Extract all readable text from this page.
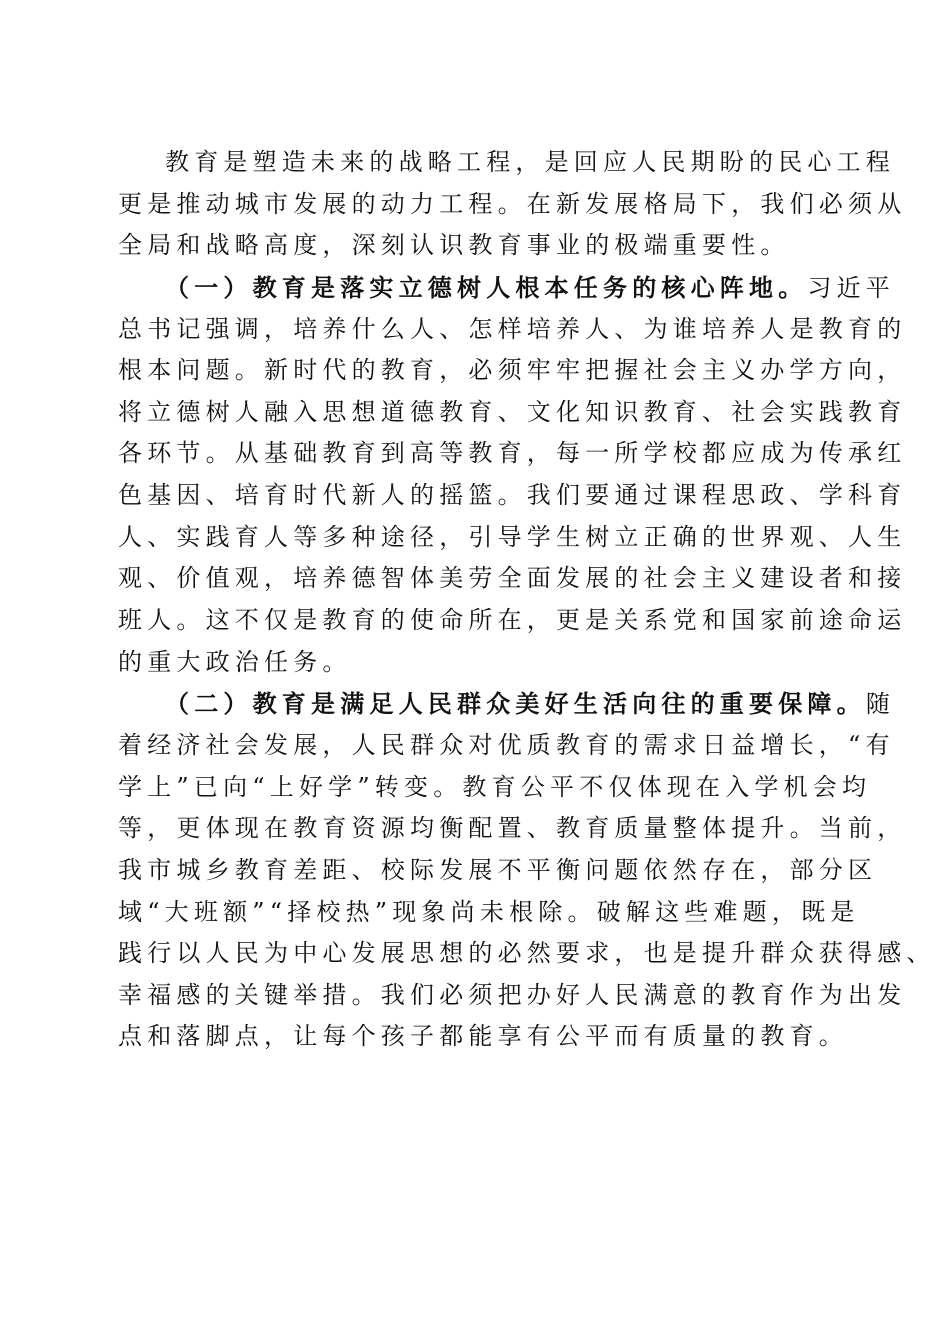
教育是塑造未来的战略工程，是回应人民期盼的民心工程
更是推动城市发展的动力工程。在新发展格局下，我们必须从
全局和战略高度，深刻认识教育事业的极端重要性。
（一）教育是落实立德树人根本任务的核心阵地。习近平
总书记强调，培养什么人、怎样培养人、为谁培养人是教育的
根本问题。新时代的教育，必须牢牢把握社会主义办学方向，
将立德树人融入思想道德教育、文化知识教育、社会实践教育
各环节。从基础教育到高等教育，每一所学校都应成为传承红
色基因、培育时代新人的摇篮。我们要通过课程思政、学科育
人、实践育人等多种途径，引导学生树立正确的世界观、人生
观、价值观，培养德智体美劳全面发展的社会主义建设者和接
班人。这不仅是教育的使命所在，更是关系党和国家前途命运
的重大政治任务。
（二）教育是满足人民群众美好生活向往的重要保障。随
着经济社会发展，人民群众对优质教育的需求日益增长，“有
学上”已向“上好学”转变。教育公平不仅体现在入学机会均
等，更体现在教育资源均衡配置、教育质量整体提升。当前，
我市城乡教育差距、校际发展不平衡问题依然存在，部分区
域“大班额”“择校热”现象尚未根除。破解这些难题，既是
践行以人民为中心发展思想的必然要求，也是提升群众获得感、
幸福感的关键举措。我们必须把办好人民满意的教育作为出发
点和落脚点，让每个孩子都能享有公平而有质量的教育。
